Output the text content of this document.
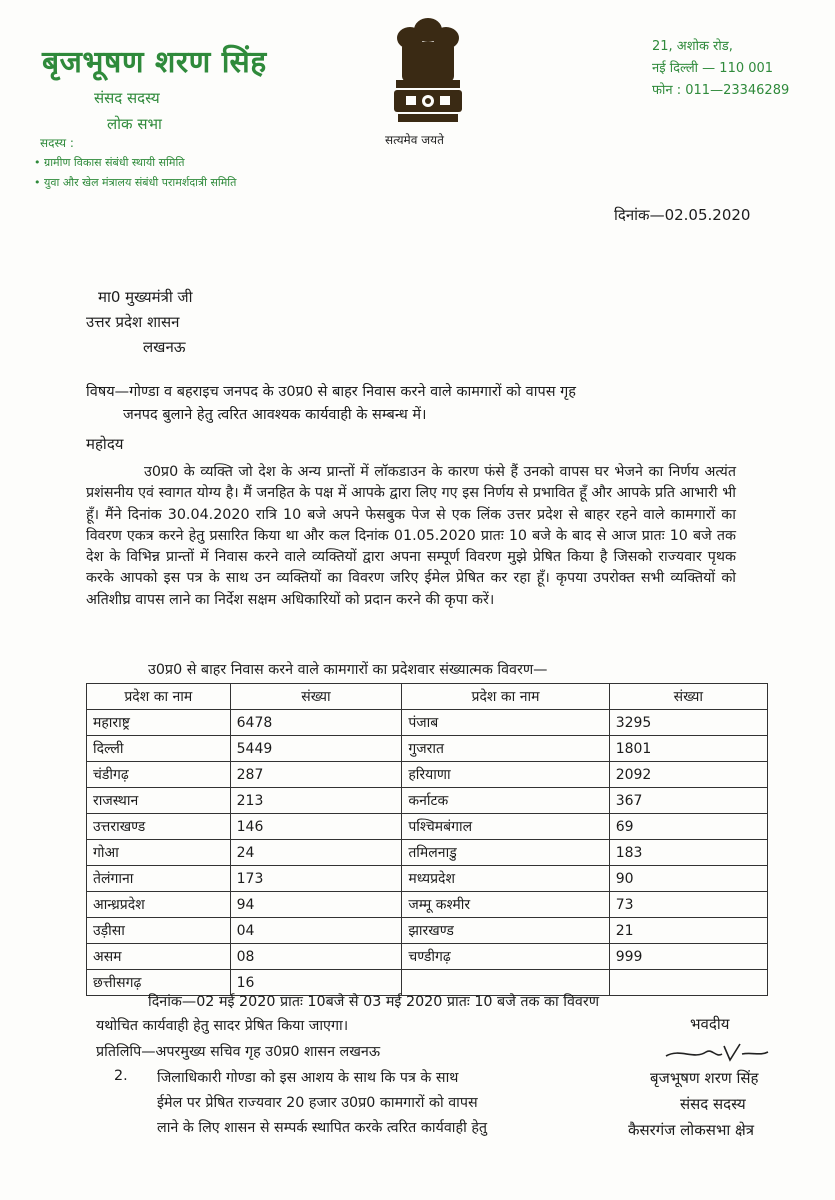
बृजभूषण शरण सिंह
संसद सदस्य
लोक सभा
सदस्य :
• ग्रामीण विकास संबंधी स्थायी समिति
• युवा और खेल मंत्रालय संबंधी परामर्शदात्री समिति
सत्यमेव जयते
21, अशोक रोड,
नई दिल्ली — 110 001
फोन : 011—23346289
दिनांक—02.05.2020
मा0 मुख्यमंत्री जी
उत्तर प्रदेश शासन
लखनऊ
विषय—गोण्डा व बहराइच जनपद के उ0प्र0 से बाहर निवास करने वाले कामगारों को वापस गृह
जनपद बुलाने हेतु त्वरित आवश्यक कार्यवाही के सम्बन्ध में।
महोदय
उ0प्र0 के व्यक्ति जो देश के अन्य प्रान्तों में लॉकडाउन के कारण फंसे हैं उनको वापस घर भेजने का निर्णय अत्यंत प्रशंसनीय एवं स्वागत योग्य है। मैं जनहित के पक्ष में आपके द्वारा लिए गए इस निर्णय से प्रभावित हूँ और आपके प्रति आभारी भी हूँ। मैंने दिनांक 30.04.2020 रात्रि 10 बजे अपने फेसबुक पेज से एक लिंक उत्तर प्रदेश से बाहर रहने वाले कामगारों का विवरण एकत्र करने हेतु प्रसारित किया था और कल दिनांक 01.05.2020 प्रातः 10 बजे के बाद से आज प्रातः 10 बजे तक देश के विभिन्न प्रान्तों में निवास करने वाले व्यक्तियों द्वारा अपना सम्पूर्ण विवरण मुझे प्रेषित किया है जिसको राज्यवार पृथक करके आपको इस पत्र के साथ उन व्यक्तियों का विवरण जरिए ईमेल प्रेषित कर रहा हूँ। कृपया उपरोक्त सभी व्यक्तियों को अतिशीघ्र वापस लाने का निर्देश सक्षम अधिकारियों को प्रदान करने की कृपा करें।
उ0प्र0 से बाहर निवास करने वाले कामगारों का प्रदेशवार संख्यात्मक विवरण—
प्रदेश का नाम	संख्या	प्रदेश का नाम	संख्या
महाराष्ट्र	6478	पंजाब	3295
दिल्ली	5449	गुजरात	1801
चंडीगढ़	287	हरियाणा	2092
राजस्थान	213	कर्नाटक	367
उत्तराखण्ड	146	पश्चिमबंगाल	69
गोआ	24	तमिलनाडु	183
तेलंगाना	173	मध्यप्रदेश	90
आन्ध्रप्रदेश	94	जम्मू कश्मीर	73
उड़ीसा	04	झारखण्ड	21
असम	08	चण्डीगढ़	999
छत्तीसगढ़	16		
दिनांक—02 मई 2020 प्रातः 10बजे से 03 मई 2020 प्रातः 10 बजे तक का विवरण
यथोचित कार्यवाही हेतु सादर प्रेषित किया जाएगा।	भवदीय
प्रतिलिपि—अपरमुख्य सचिव गृह उ0प्र0 शासन लखनऊ
2. जिलाधिकारी गोण्डा को इस आशय के साथ कि पत्र के साथ
ईमेल पर प्रेषित राज्यवार 20 हजार उ0प्र0 कामगारों को वापस
लाने के लिए शासन से सम्पर्क स्थापित करके त्वरित कार्यवाही हेतु
बृजभूषण शरण सिंह
संसद सदस्य
कैसरगंज लोकसभा क्षेत्र
